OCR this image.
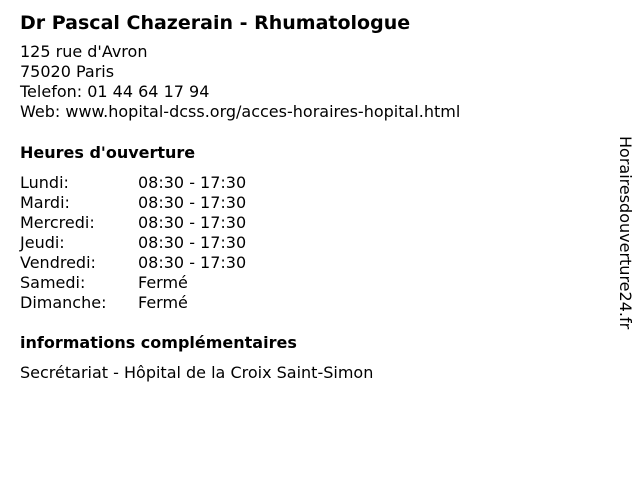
Dr Pascal Chazerain - Rhumatologue
125 rue d'Avron
75020 Paris
Telefon: 01 44 64 17 94
Web: www.hopital-dcss.org/acces-horaires-hopital.html
Heures d'ouverture
Lundi:	08:30 - 17:30
Mardi:	08:30 - 17:30
Mercredi:	08:30 - 17:30
Jeudi:	08:30 - 17:30
Vendredi:	08:30 - 17:30
Samedi:	Fermé
Dimanche:	Fermé
informations complémentaires
Secrétariat - Hôpital de la Croix Saint-Simon
Horairesdouverture24.fr
